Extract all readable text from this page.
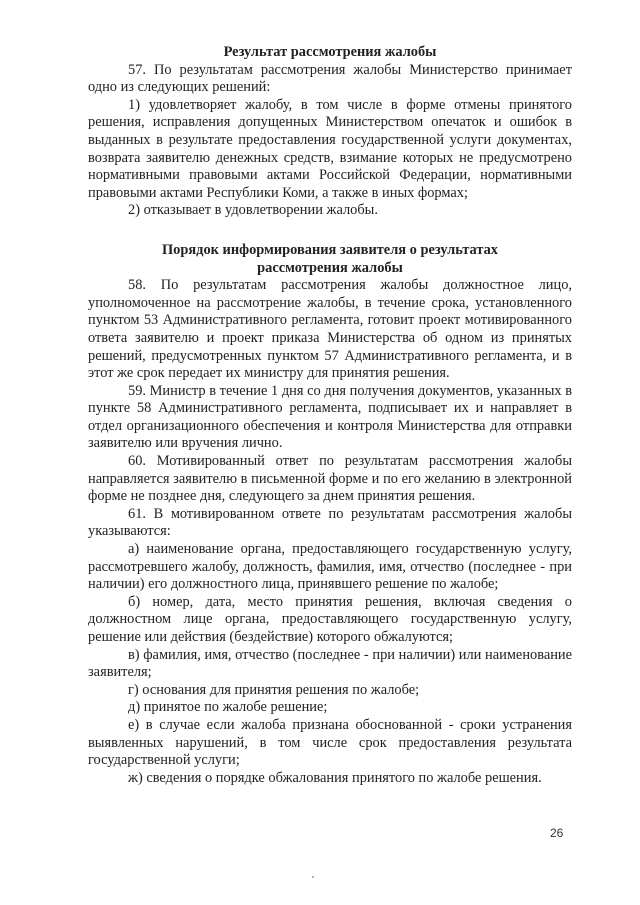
Результат рассмотрения жалобы

57. По результатам рассмотрения жалобы Министерство принимает одно из следующих решений:

1) удовлетворяет жалобу, в том числе в форме отмены принятого решения, исправления допущенных Министерством опечаток и ошибок в выданных в результате предоставления государственной услуги документах, возврата заявителю денежных средств, взимание которых не предусмотрено нормативными правовыми актами Российской Федерации, нормативными правовыми актами Республики Коми, а также в иных формах;

2) отказывает в удовлетворении жалобы.

Порядок информирования заявителя о результатах

рассмотрения жалобы

58. По результатам рассмотрения жалобы должностное лицо, уполномоченное на рассмотрение жалобы, в течение срока, установленного пунктом 53 Административного регламента, готовит проект мотивированного ответа заявителю и проект приказа Министерства об одном из принятых решений, предусмотренных пунктом 57 Административного регламента, и в этот же срок передает их министру для принятия решения.

59. Министр в течение 1 дня со дня получения документов, указанных в пункте 58 Административного регламента, подписывает их и направляет в отдел организационного обеспечения и контроля Министерства для отправки заявителю или вручения лично.

60. Мотивированный ответ по результатам рассмотрения жалобы направляется заявителю в письменной форме и по его желанию в электронной форме не позднее дня, следующего за днем принятия решения.

61. В мотивированном ответе по результатам рассмотрения жалобы указываются:

а) наименование органа, предоставляющего государственную услугу, рассмотревшего жалобу, должность, фамилия, имя, отчество (последнее - при наличии) его должностного лица, принявшего решение по жалобе;

б) номер, дата, место принятия решения, включая сведения о должностном лице органа, предоставляющего государственную услугу, решение или действия (бездействие) которого обжалуются;

в) фамилия, имя, отчество (последнее - при наличии) или наименование заявителя;

г) основания для принятия решения по жалобе;

д) принятое по жалобе решение;

е) в случае если жалоба признана обоснованной - сроки устранения выявленных нарушений, в том числе срок предоставления результата государственной услуги;

ж) сведения о порядке обжалования принятого по жалобе решения.

26
